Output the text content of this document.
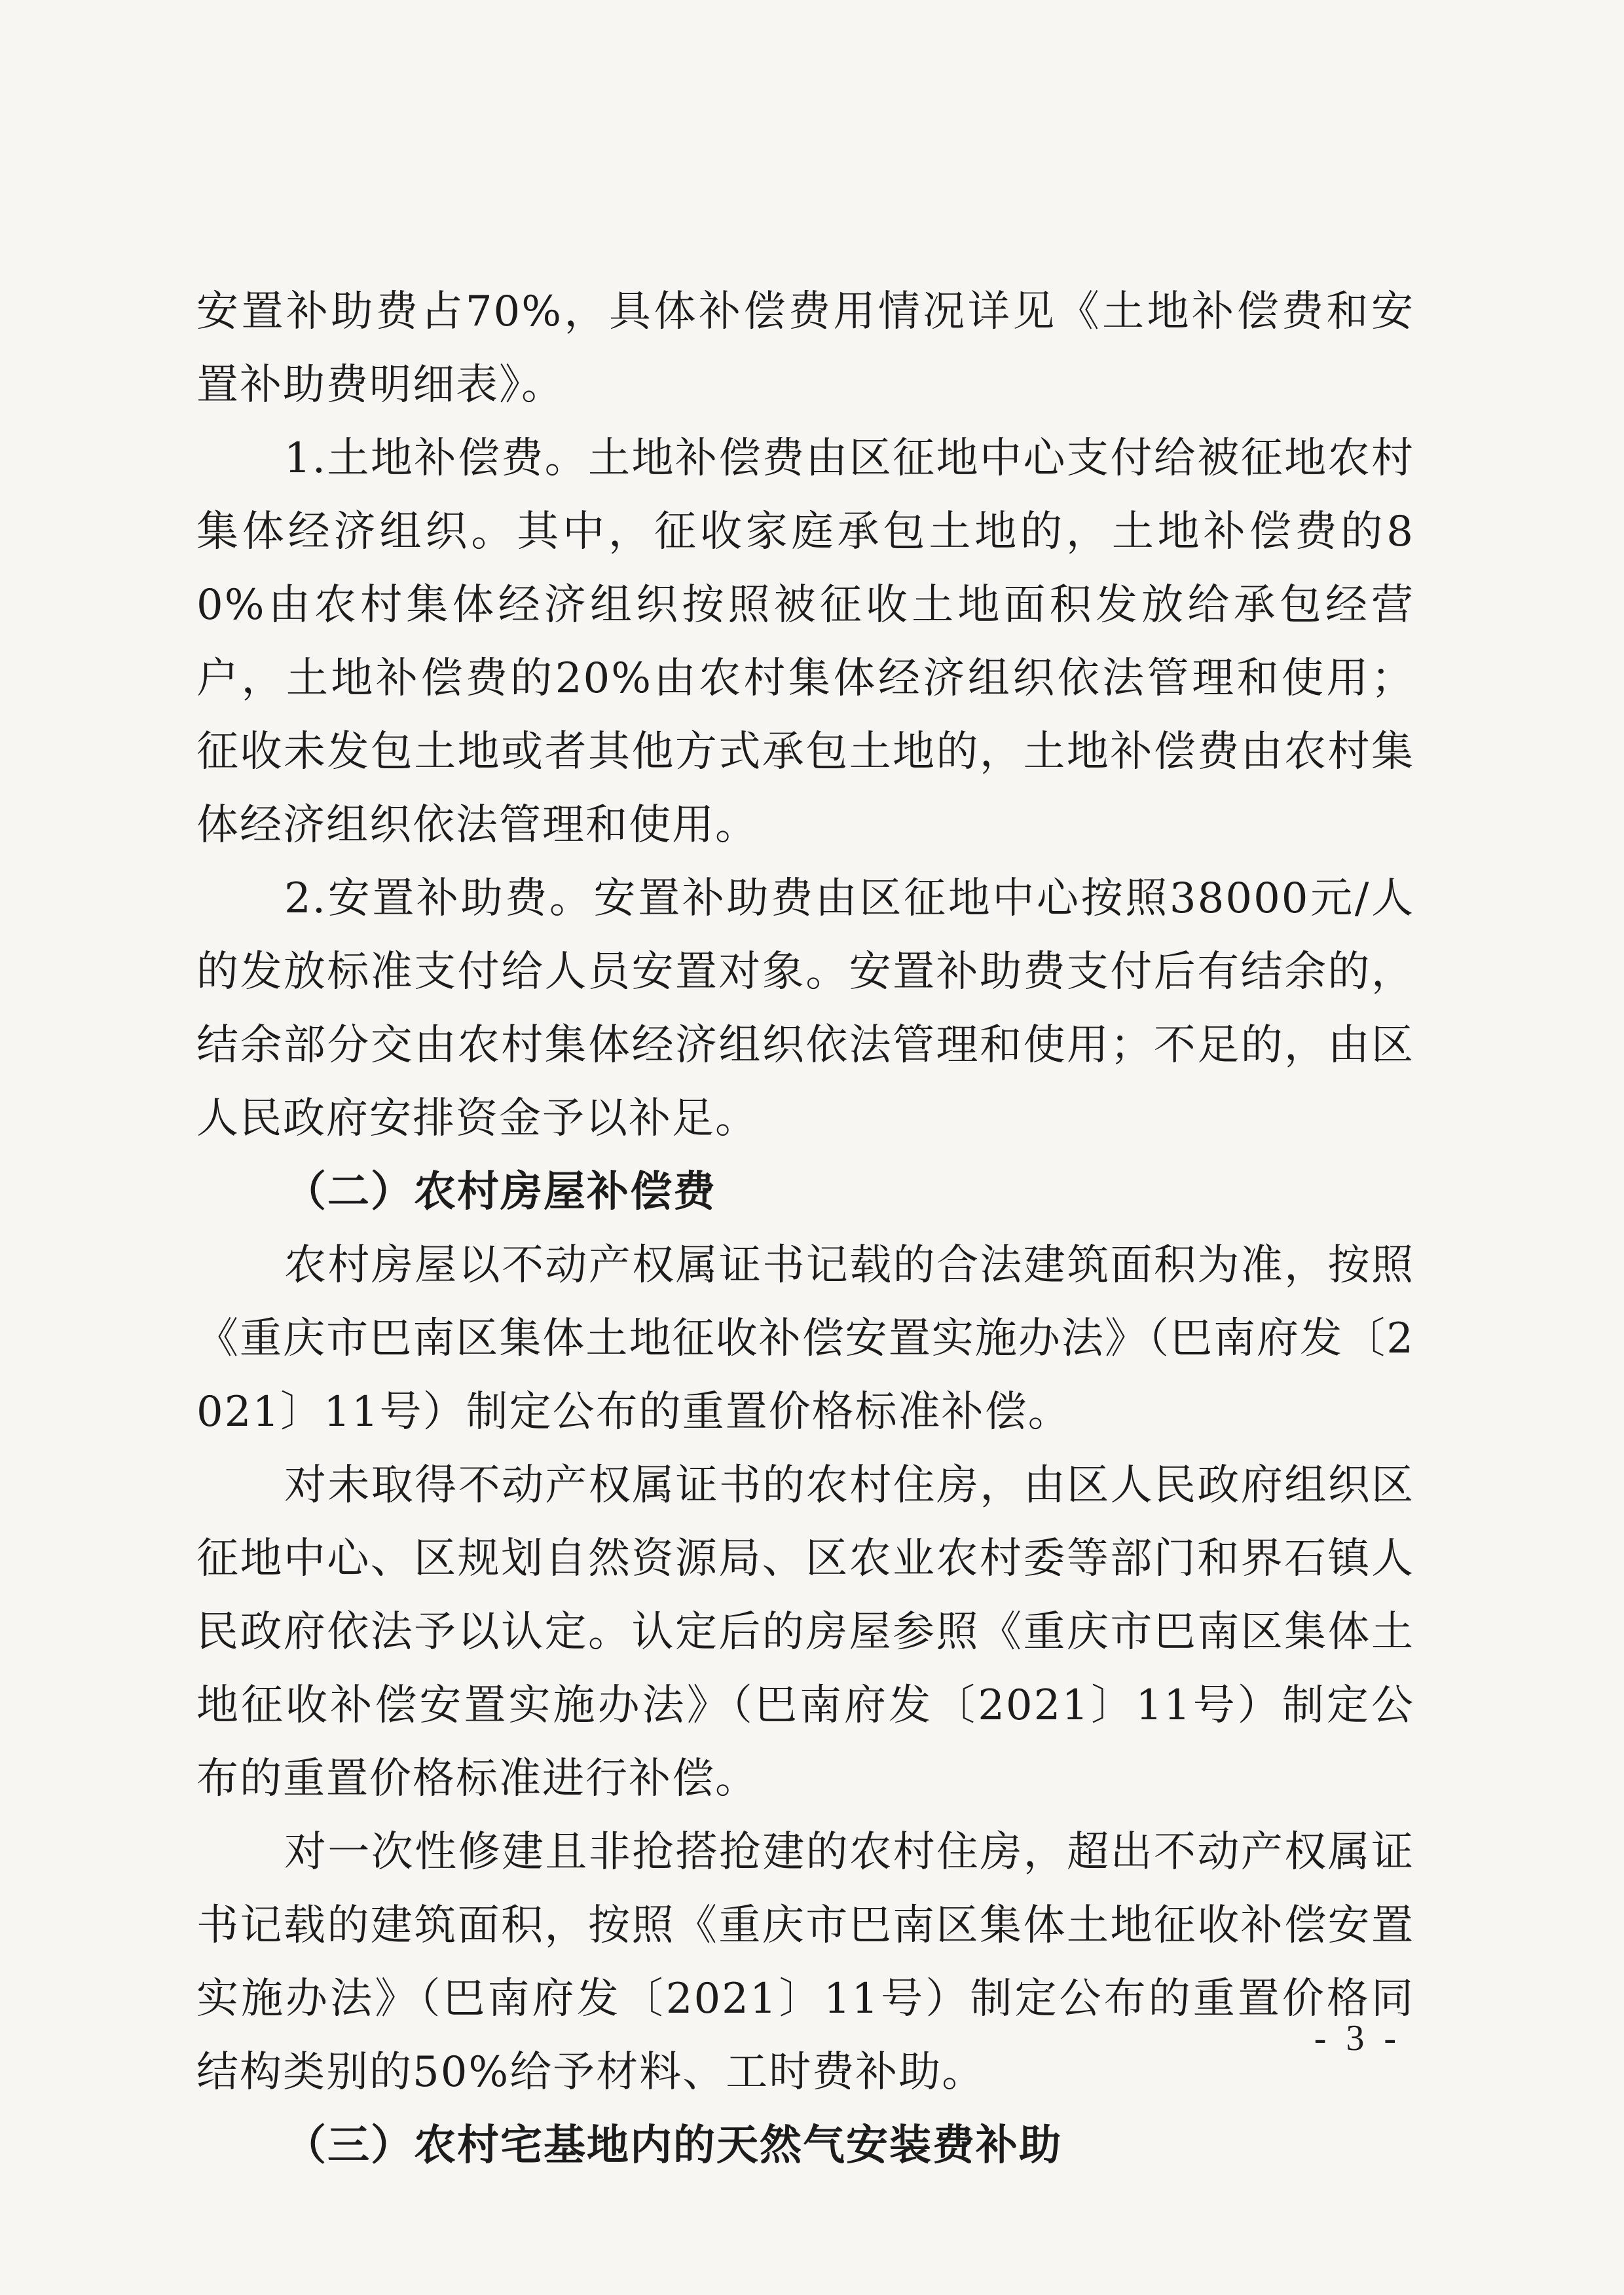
安置补助费占70%，具体补偿费用情况详见《土地补偿费和安置补助费明细表》。

1.土地补偿费。土地补偿费由区征地中心支付给被征地农村集体经济组织。其中，征收家庭承包土地的，土地补偿费的80%由农村集体经济组织按照被征收土地面积发放给承包经营户，土地补偿费的20%由农村集体经济组织依法管理和使用；征收未发包土地或者其他方式承包土地的，土地补偿费由农村集体经济组织依法管理和使用。

2.安置补助费。安置补助费由区征地中心按照38000元/人的发放标准支付给人员安置对象。安置补助费支付后有结余的，结余部分交由农村集体经济组织依法管理和使用；不足的，由区人民政府安排资金予以补足。

（二）农村房屋补偿费

农村房屋以不动产权属证书记载的合法建筑面积为准，按照《重庆市巴南区集体土地征收补偿安置实施办法》（巴南府发〔2021〕11号）制定公布的重置价格标准补偿。

对未取得不动产权属证书的农村住房，由区人民政府组织区征地中心、区规划自然资源局、区农业农村委等部门和界石镇人民政府依法予以认定。认定后的房屋参照《重庆市巴南区集体土地征收补偿安置实施办法》（巴南府发〔2021〕11号）制定公布的重置价格标准进行补偿。

对一次性修建且非抢搭抢建的农村住房，超出不动产权属证书记载的建筑面积，按照《重庆市巴南区集体土地征收补偿安置实施办法》（巴南府发〔2021〕11号）制定公布的重置价格同结构类别的50%给予材料、工时费补助。

（三）农村宅基地内的天然气安装费补助

- 3 -
